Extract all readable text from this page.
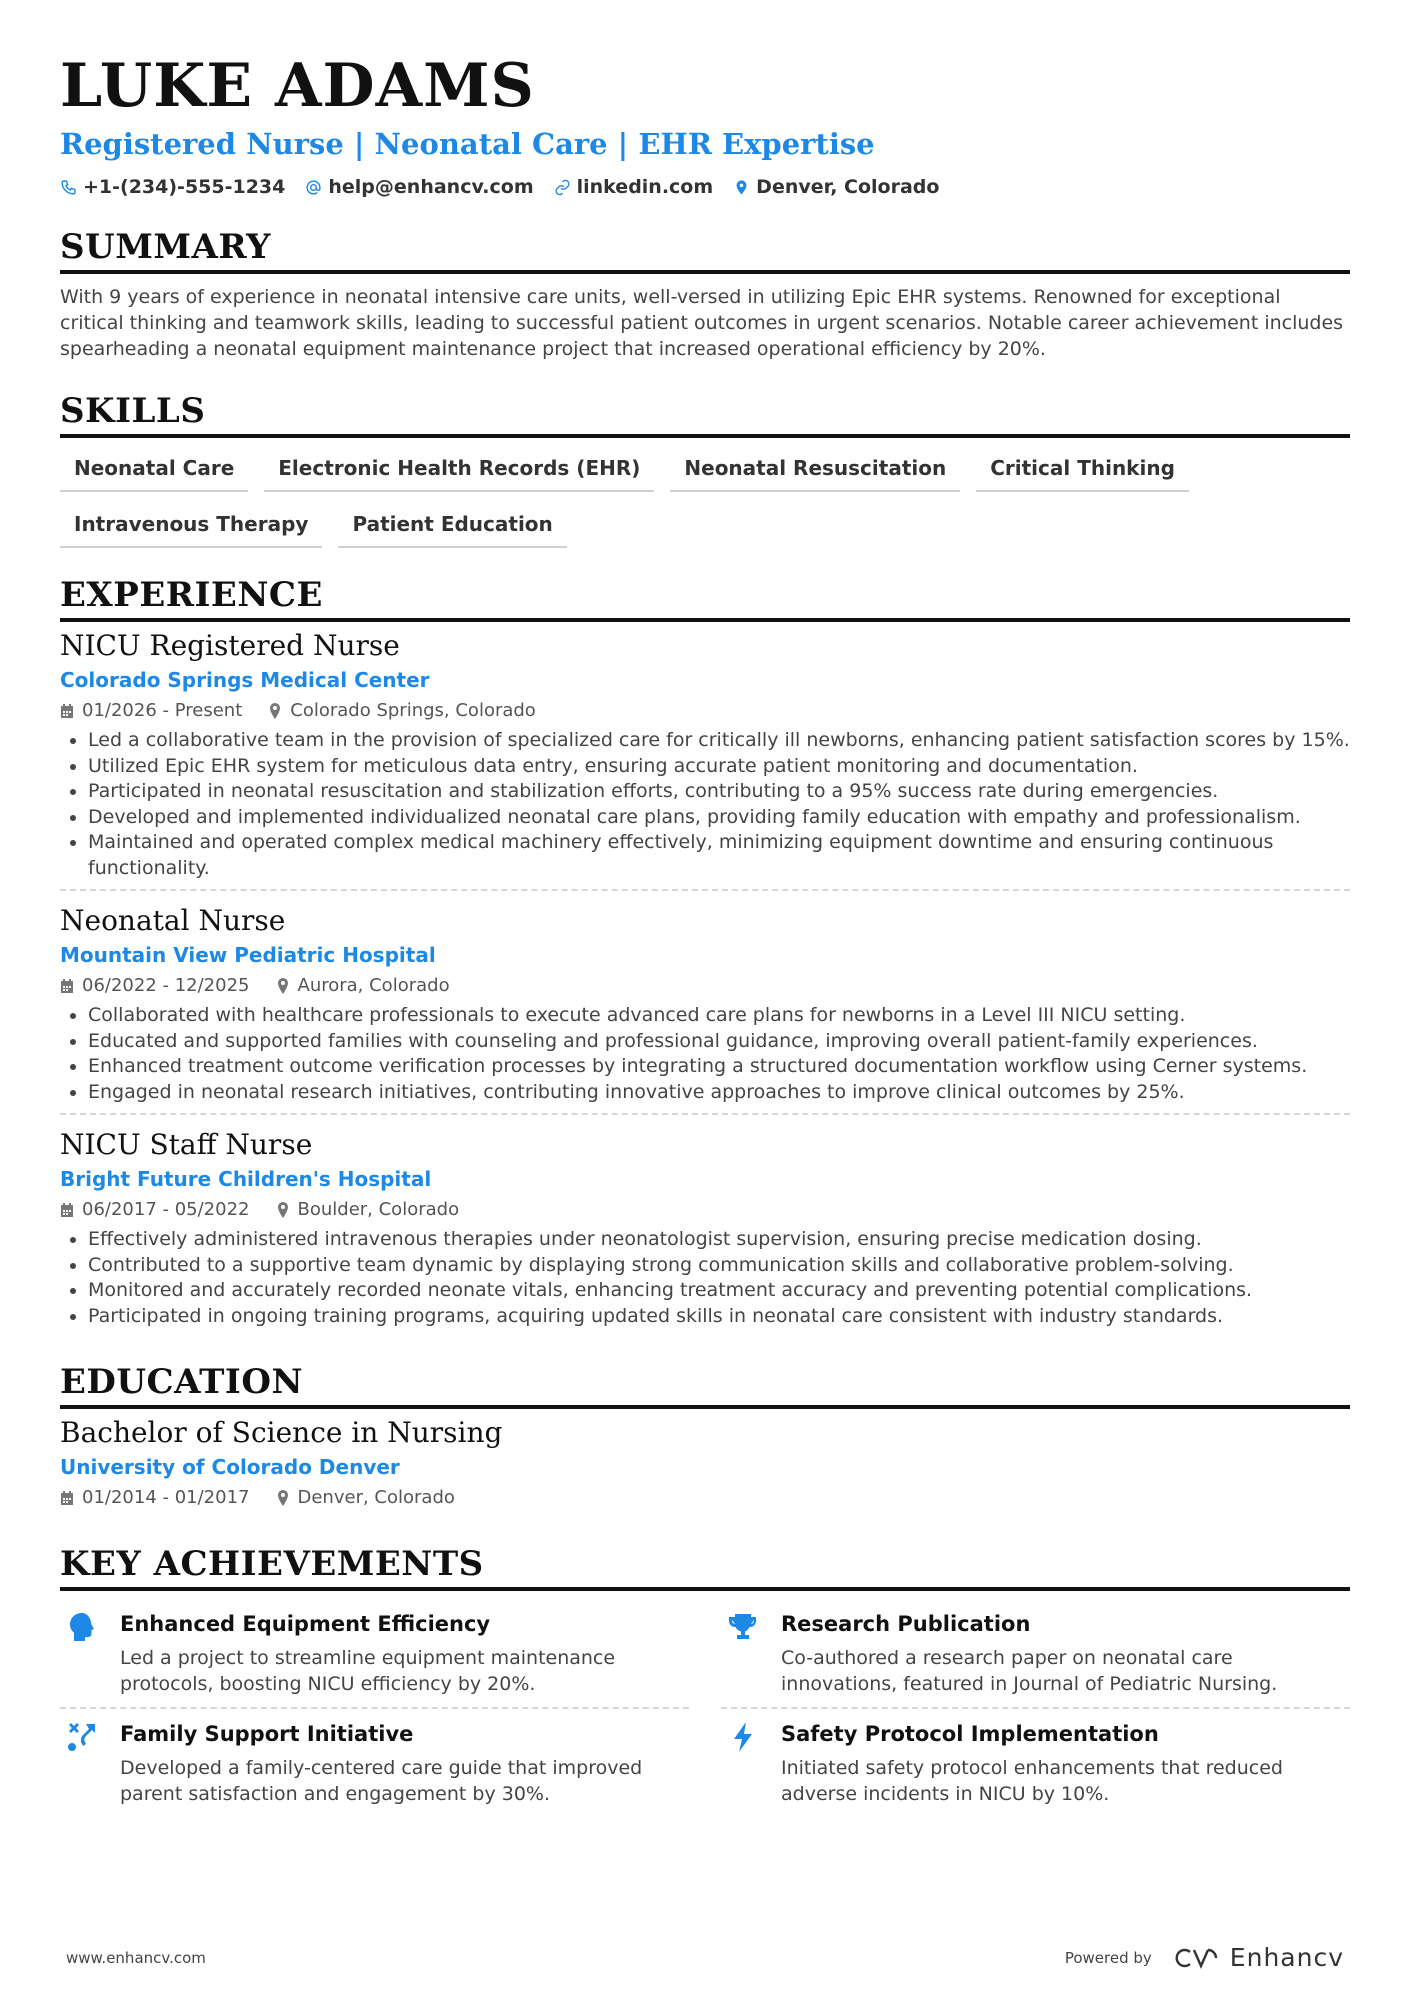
LUKE ADAMS
Registered Nurse | Neonatal Care | EHR Expertise
+1-(234)-555-1234 help@enhancv.com linkedin.com Denver, Colorado
SUMMARY
With 9 years of experience in neonatal intensive care units, well-versed in utilizing Epic EHR systems. Renowned for exceptional critical thinking and teamwork skills, leading to successful patient outcomes in urgent scenarios. Notable career achievement includes spearheading a neonatal equipment maintenance project that increased operational efficiency by 20%.
SKILLS
Neonatal Care	Electronic Health Records (EHR)	Neonatal Resuscitation	Critical Thinking
Intravenous Therapy	Patient Education
EXPERIENCE
NICU Registered Nurse
Colorado Springs Medical Center
01/2026 - Present	Colorado Springs, Colorado
• Led a collaborative team in the provision of specialized care for critically ill newborns, enhancing patient satisfaction scores by 15%.
• Utilized Epic EHR system for meticulous data entry, ensuring accurate patient monitoring and documentation.
• Participated in neonatal resuscitation and stabilization efforts, contributing to a 95% success rate during emergencies.
• Developed and implemented individualized neonatal care plans, providing family education with empathy and professionalism.
• Maintained and operated complex medical machinery effectively, minimizing equipment downtime and ensuring continuous functionality.
Neonatal Nurse
Mountain View Pediatric Hospital
06/2022 - 12/2025	Aurora, Colorado
• Collaborated with healthcare professionals to execute advanced care plans for newborns in a Level III NICU setting.
• Educated and supported families with counseling and professional guidance, improving overall patient-family experiences.
• Enhanced treatment outcome verification processes by integrating a structured documentation workflow using Cerner systems.
• Engaged in neonatal research initiatives, contributing innovative approaches to improve clinical outcomes by 25%.
NICU Staff Nurse
Bright Future Children's Hospital
06/2017 - 05/2022	Boulder, Colorado
• Effectively administered intravenous therapies under neonatologist supervision, ensuring precise medication dosing.
• Contributed to a supportive team dynamic by displaying strong communication skills and collaborative problem-solving.
• Monitored and accurately recorded neonate vitals, enhancing treatment accuracy and preventing potential complications.
• Participated in ongoing training programs, acquiring updated skills in neonatal care consistent with industry standards.
EDUCATION
Bachelor of Science in Nursing
University of Colorado Denver
01/2014 - 01/2017	Denver, Colorado
KEY ACHIEVEMENTS
Enhanced Equipment Efficiency
Led a project to streamline equipment maintenance protocols, boosting NICU efficiency by 20%.
Research Publication
Co-authored a research paper on neonatal care innovations, featured in Journal of Pediatric Nursing.
Family Support Initiative
Developed a family-centered care guide that improved parent satisfaction and engagement by 30%.
Safety Protocol Implementation
Initiated safety protocol enhancements that reduced adverse incidents in NICU by 10%.
www.enhancv.com	Powered by	Enhancv
